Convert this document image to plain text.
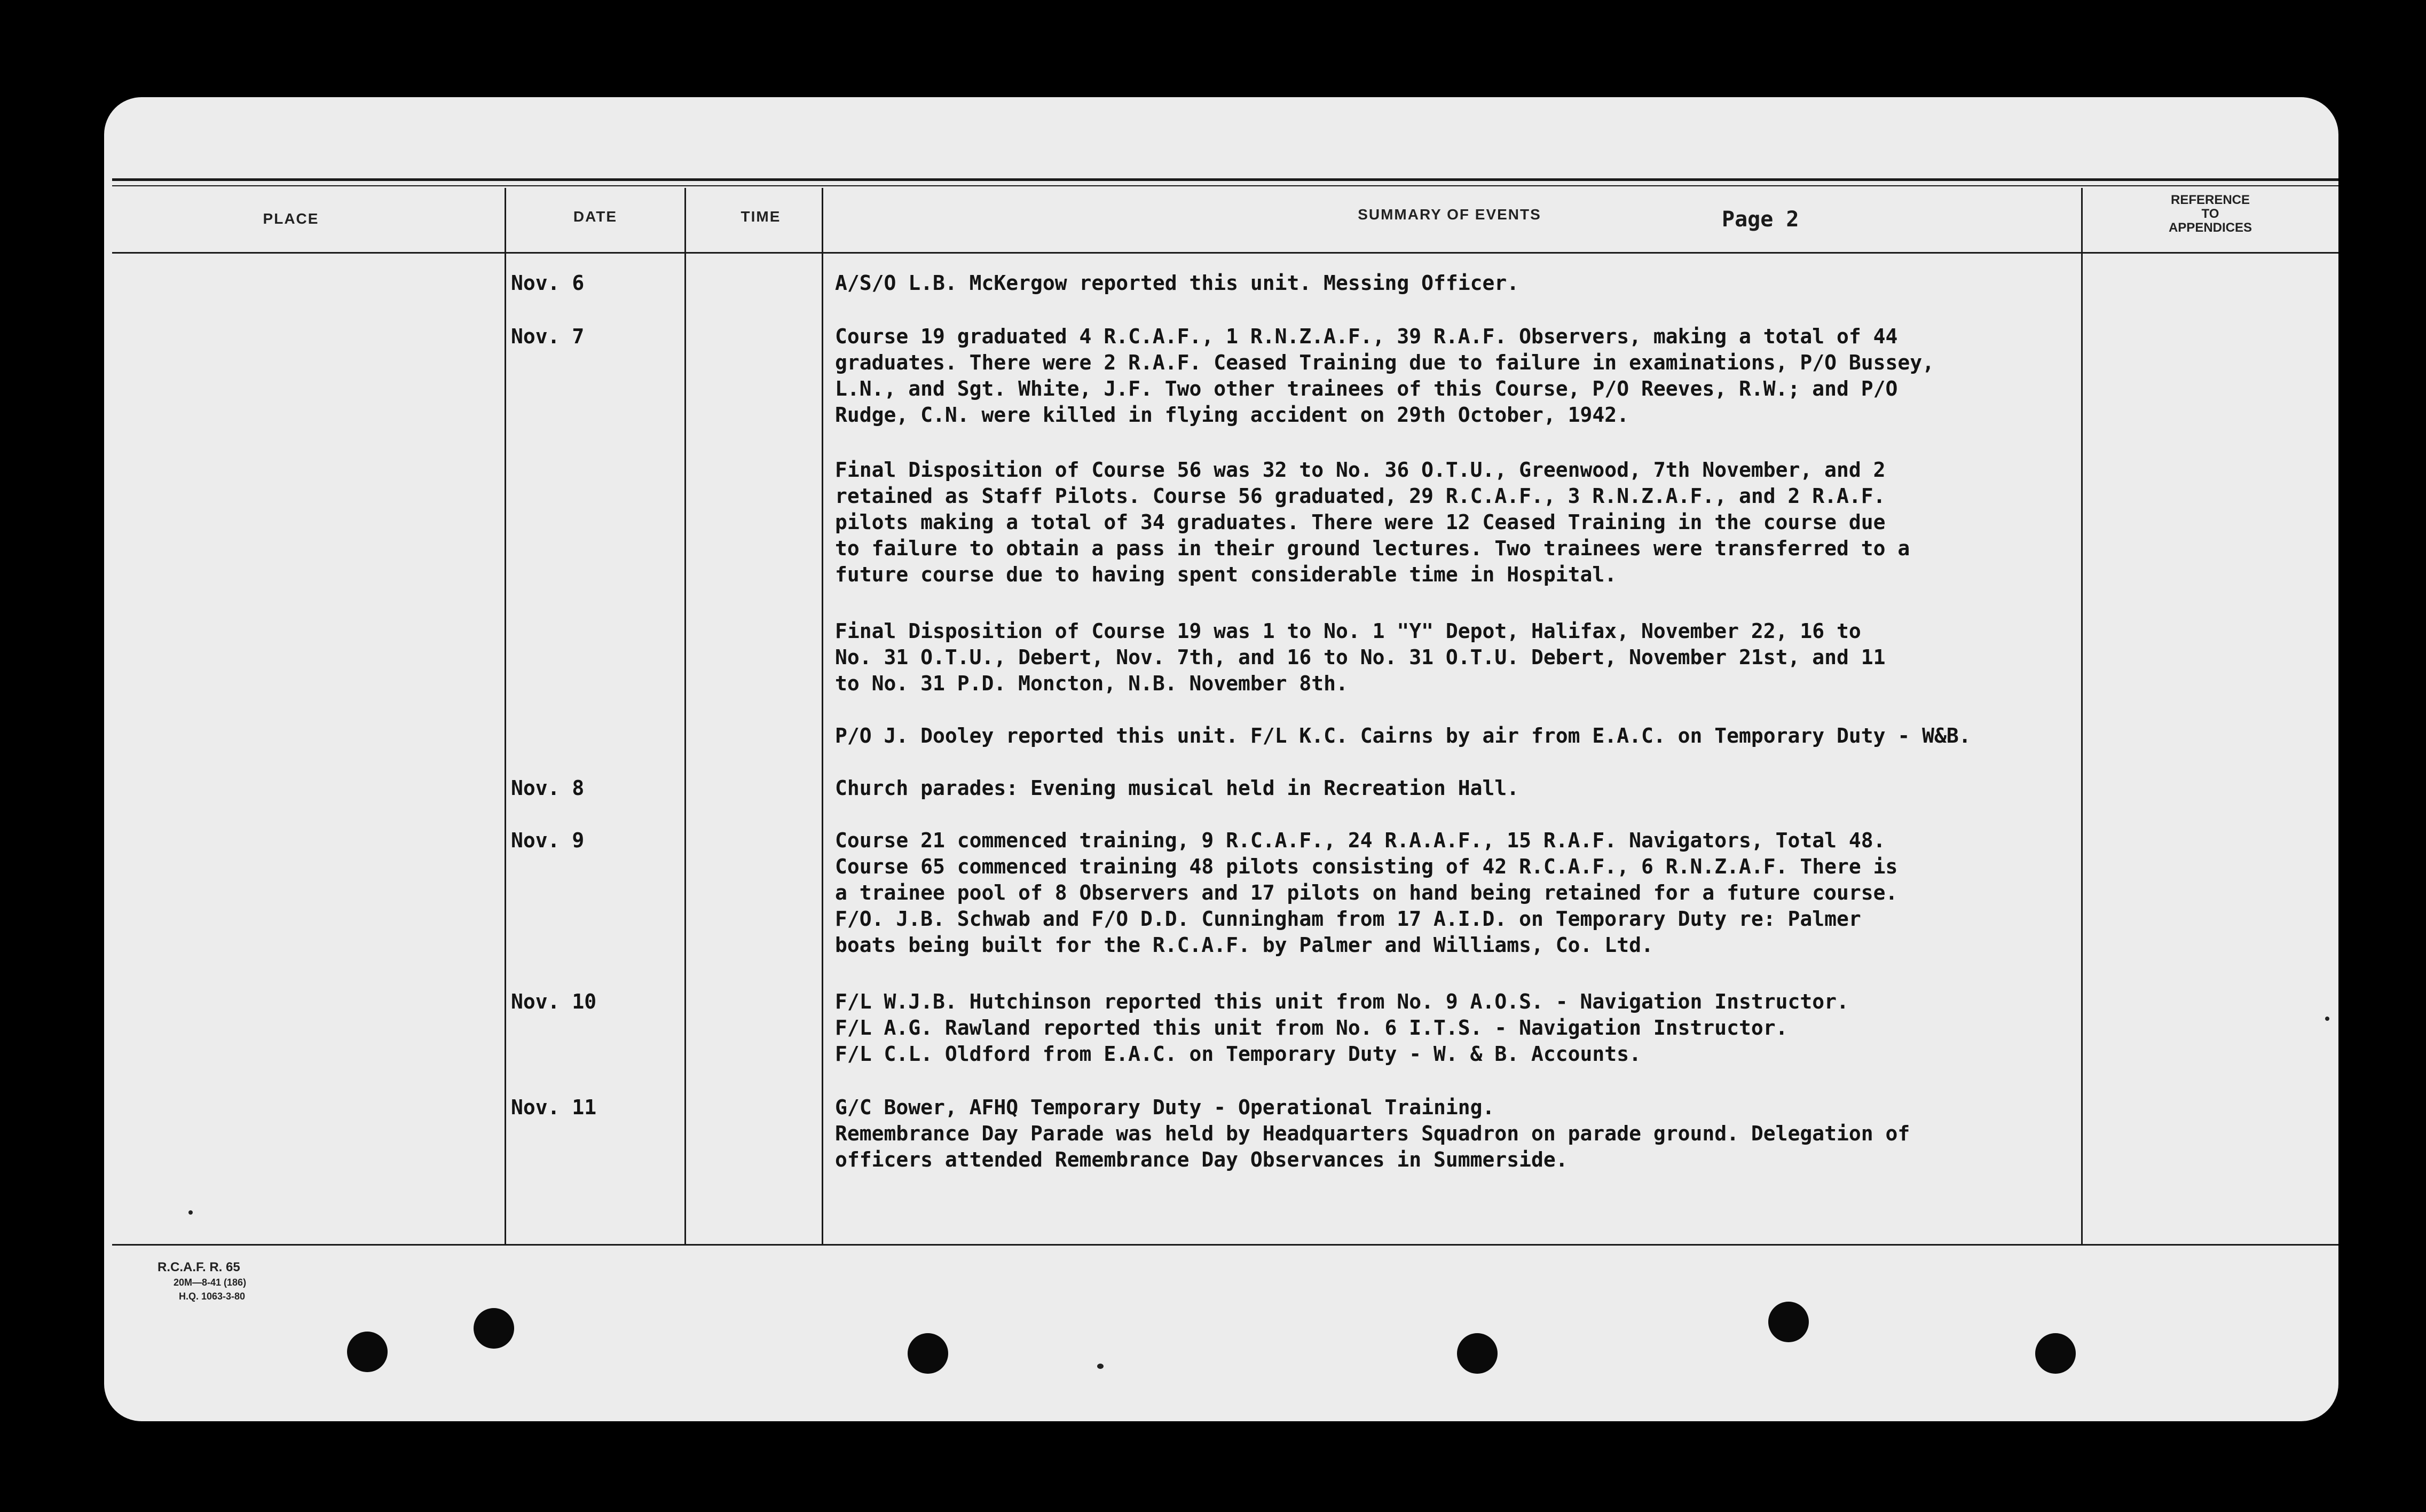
PLACE	DATE	TIME	SUMMARY OF EVENTS	Page 2
REFERENCE
TO
APPENDICES
Nov. 6	A/S/O L.B. McKergow reported this unit. Messing Officer.

Nov. 7	Course 19 graduated 4 R.C.A.F., 1 R.N.Z.A.F., 39 R.A.F. Observers, making a total of 44
graduates. There were 2 R.A.F. Ceased Training due to failure in examinations, P/O Bussey,
L.N., and Sgt. White, J.F. Two other trainees of this Course, P/O Reeves, R.W.; and P/O
Rudge, C.N. were killed in flying accident on 29th October, 1942.

Final Disposition of Course 56 was 32 to No. 36 O.T.U., Greenwood, 7th November, and 2
retained as Staff Pilots. Course 56 graduated, 29 R.C.A.F., 3 R.N.Z.A.F., and 2 R.A.F.
pilots making a total of 34 graduates. There were 12 Ceased Training in the course due
to failure to obtain a pass in their ground lectures. Two trainees were transferred to a
future course due to having spent considerable time in Hospital.

Final Disposition of Course 19 was 1 to No. 1 "Y" Depot, Halifax, November 22, 16 to
No. 31 O.T.U., Debert, Nov. 7th, and 16 to No. 31 O.T.U. Debert, November 21st, and 11
to No. 31 P.D. Moncton, N.B. November 8th.

P/O J. Dooley reported this unit. F/L K.C. Cairns by air from E.A.C. on Temporary Duty - W&B.

Nov. 8	Church parades: Evening musical held in Recreation Hall.

Nov. 9	Course 21 commenced training, 9 R.C.A.F., 24 R.A.A.F., 15 R.A.F. Navigators, Total 48.
Course 65 commenced training 48 pilots consisting of 42 R.C.A.F., 6 R.N.Z.A.F. There is
a trainee pool of 8 Observers and 17 pilots on hand being retained for a future course.
F/O. J.B. Schwab and F/O D.D. Cunningham from 17 A.I.D. on Temporary Duty re: Palmer
boats being built for the R.C.A.F. by Palmer and Williams, Co. Ltd.

Nov. 10	F/L W.J.B. Hutchinson reported this unit from No. 9 A.O.S. - Navigation Instructor.
F/L A.G. Rawland reported this unit from No. 6 I.T.S. - Navigation Instructor.
F/L C.L. Oldford from E.A.C. on Temporary Duty - W. & B. Accounts.

Nov. 11	G/C Bower, AFHQ Temporary Duty - Operational Training.
Remembrance Day Parade was held by Headquarters Squadron on parade ground. Delegation of
officers attended Remembrance Day Observances in Summerside.

R.C.A.F. R. 65
20M—8-41 (186)
H.Q. 1063-3-80
